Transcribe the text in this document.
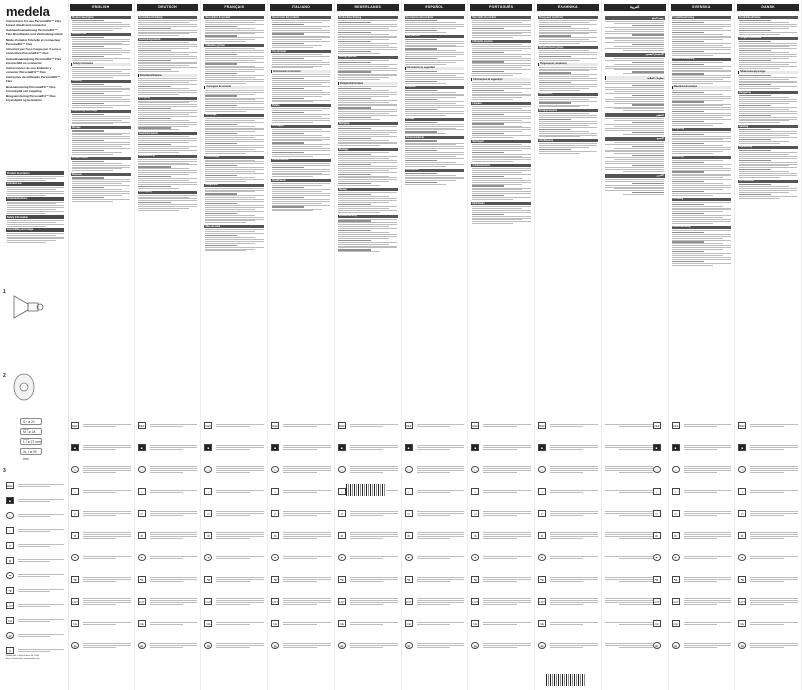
medela
Instructions for use PersonalFit™ Flex breast shield and connector
Gebrauchsanweisung PersonalFit™ Flex Brusthaube und Verbindungsstück
Mode d'emploi Téterelle et connecteur PersonalFit™ Flex
Istruzioni per l'uso Coppa per il seno e connettore PersonalFit™ Flex
Gebruiksaanwijzing PersonalFit™ Flex borstschild en connector
Instrucciones de uso Embudo y conector PersonalFit™ Flex
Instruções de utilização PersonalFit™ Flex
Bruksanvisning PersonalFit™ Flex bröstskydd och koppling
Brugsanvisning PersonalFit™ Flex brystskjold og konnektor
Product description
Intended use
Contraindications
Safety information
Assembling and usage
1
2
S / ø 21 mm
M / ø 24 mm
L / ø 27 mm
XL / ø 30 mm
3
REF
■
□
i
∅
♻
☂
℃
LOT
CE
▤
☒
Medela AG, Lättichstrasse 4b, 6340 Baar, Switzerland, www.medela.com
ENGLISH
Product description
Intended use
Safety information
Cleaning
Assembling and usage
Storage
Product return
Disposal
REF
■
□
i
∅
♻
☂
℃
LOT
CE
▤
DEUTSCH
Produktbeschreibung
Verwendungszweck
Sicherheitshinweise
Reinigung
Zusammensetzen
Aufbewahrung
Entsorgung
REF
■
□
i
∅
♻
☂
℃
LOT
CE
▤
FRANÇAIS
Description du produit
Utilisation prévue
Consignes de sécurité
Nettoyage
Assemblage
Rangement
Mise au rebut
REF
■
□
i
∅
♻
☂
℃
LOT
CE
▤
ITALIANO
Descrizione del prodotto
Uso previsto
Informazioni di sicurezza
Pulizia
Montaggio
Conservazione
Smaltimento
REF
■
□
i
∅
♻
☂
℃
LOT
CE
▤
NEDERLANDS
Productbeschrijving
Beoogd gebruik
Veiligheidsinformatie
Reiniging
Montage
Opslag
Afvalverwerking
REF
■
□
i
∅
♻
☂
℃
LOT
CE
▤
ESPAÑOL
Descripción del producto
Uso previsto
Información de seguridad
Limpieza
Montaje
Almacenamiento
Eliminación
REF
■
□
i
∅
♻
☂
℃
LOT
CE
▤
PORTUGUÊS
Descrição do produto
Utilização prevista
Informações de segurança
Limpeza
Montagem
Armazenamento
Eliminação
REF
■
□
i
∅
♻
☂
℃
LOT
CE
▤
ΕΛΛΗΝΙΚΑ
Περιγραφή προϊόντος
Προβλεπόμενη χρήση
Πληροφορίες ασφάλειας
Καθαρισμός
Συναρμολόγηση
Αποθήκευση
REF
■
□
i
∅
♻
☂
℃
LOT
CE
▤
العربية
وصف المنتج
الاستخدام المقصود
معلومات السلامة
التنظيف
التجميع
التخزين
REF
■
□
i
∅
♻
☂
℃
LOT
CE
▤
SVENSKA
Produktbeskrivning
Avsedd användning
Säkerhetsinformation
Rengöring
Montering
Förvaring
Avfallshantering
REF
■
□
i
∅
♻
☂
℃
LOT
CE
▤
DANSK
Produktbeskrivelse
Tilsigtet anvendelse
Sikkerhedsoplysninger
Rengøring
Samling
Opbevaring
Bortskaffelse
REF
■
□
i
∅
♻
☂
℃
LOT
CE
▤
